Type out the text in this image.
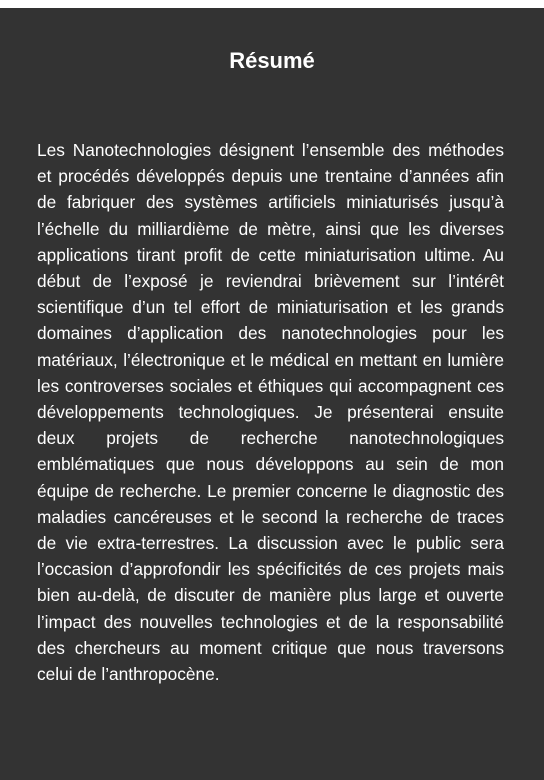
Résumé

Les Nanotechnologies désignent l’ensemble des méthodes et procédés développés depuis une trentaine d’années afin de fabriquer des systèmes artificiels miniaturisés jusqu’à l’échelle du milliardième de mètre, ainsi que les diverses applications tirant profit de cette miniaturisation ultime. Au début de l’exposé je reviendrai brièvement sur l’intérêt scientifique d’un tel effort de miniaturisation et les grands domaines d’application des nanotechnologies pour les matériaux, l’électronique et le médical en mettant en lumière les controverses sociales et éthiques qui accompagnent ces développements technologiques. Je présenterai ensuite deux projets de recherche nanotechnologiques emblématiques que nous développons au sein de mon équipe de recherche. Le premier concerne le diagnostic des maladies cancéreuses et le second la recherche de traces de vie extra-terrestres. La discussion avec le public sera l’occasion d’approfondir les spécificités de ces projets mais bien au-delà, de discuter de manière plus large et ouverte l’impact des nouvelles technologies et de la responsabilité des chercheurs au moment critique que nous traversons celui de l’anthropocène.
